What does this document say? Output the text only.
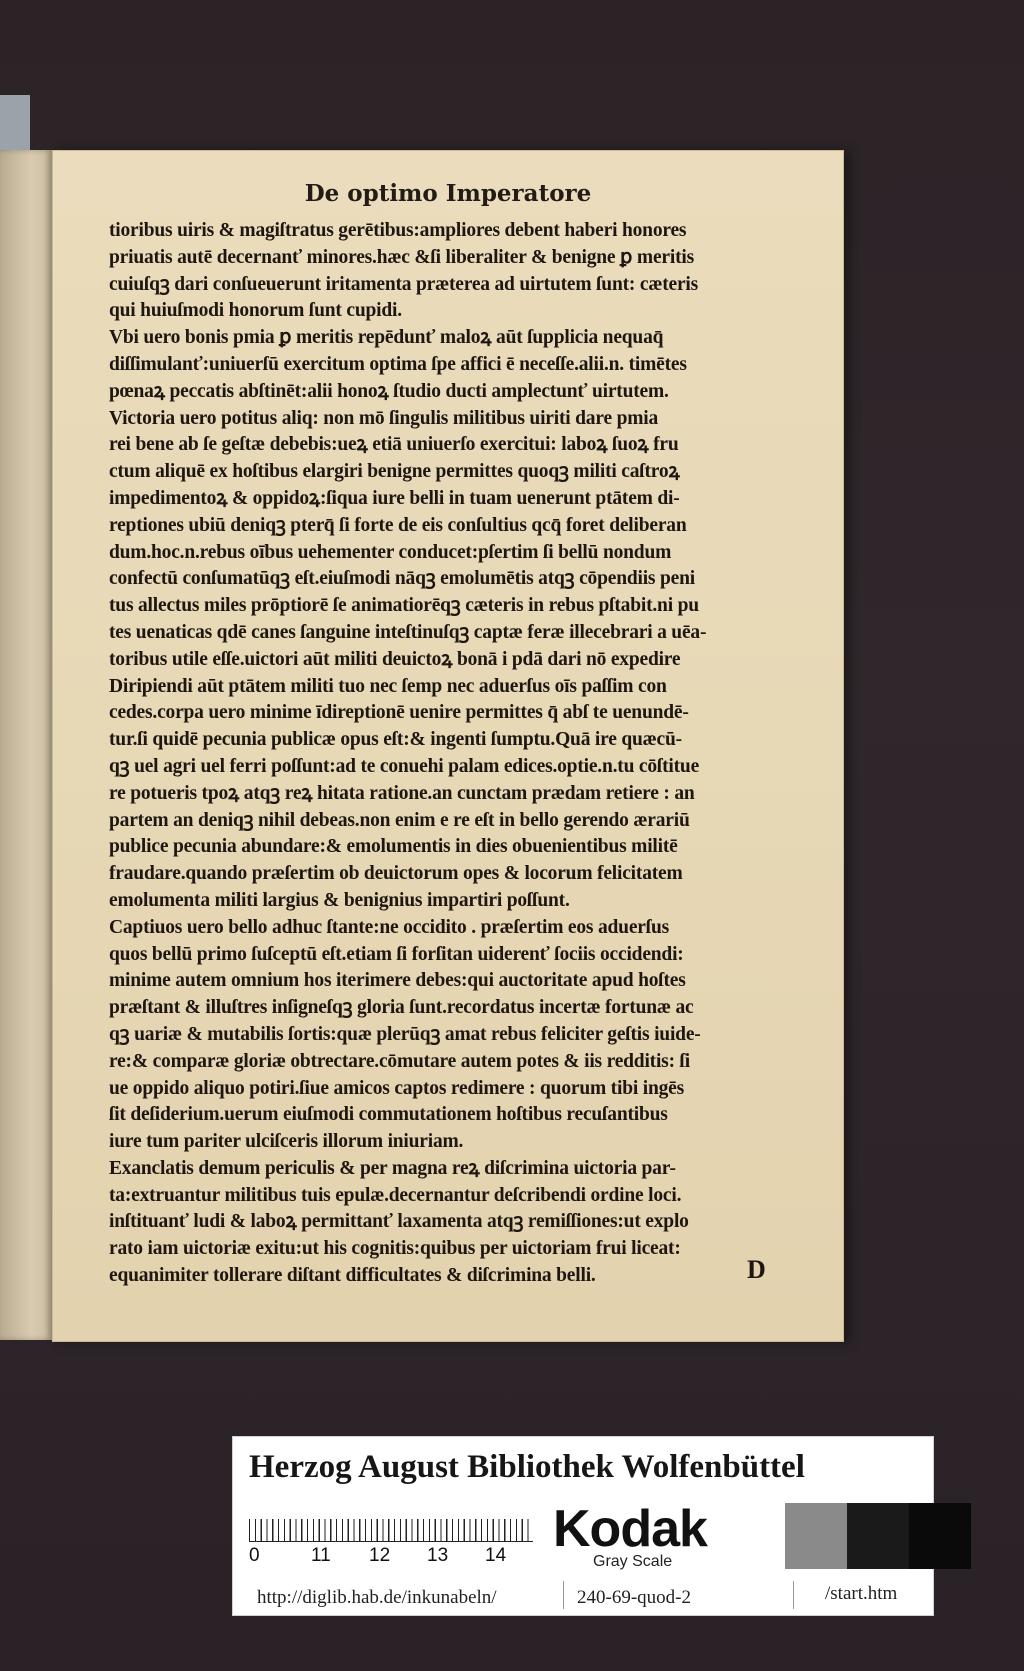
De optimo Imperatore
tioribus uiris & magiſtratus gerētibus:ampliores debent haberi honores
priuatis autē decernanť minores.hæc &ſi liberaliter & benigne ꝑ meritis
cuiuſqꝫ dari conſueuerunt iritamenta præterea ad uirtutem ſunt: cæteris
qui huiuſmodi honorum ſunt cupidi.
Vbi uero bonis pmia ꝑ meritis repēdunť maloꝝ aūt ſupplicia nequaq̄
diſſimulanť:uniuerſū exercitum optima ſpe affici ē neceſſe.alii.n. timētes
pœnaꝝ peccatis abſtinēt:alii honoꝝ ſtudio ducti amplectunť uirtutem.
Victoria uero potitus aliq: non mō ſingulis militibus uiriti dare pmia
rei bene ab ſe geſtæ debebis:ueꝝ etiā uniuerſo exercitui: laboꝝ ſuoꝝ fru
ctum aliquē ex hoſtibus elargiri benigne permittes quoqꝫ militi caſtroꝝ
impedimentoꝝ & oppidoꝝ:ſiqua iure belli in tuam uenerunt ptātem di-
reptiones ubiū deniqꝫ pterq̄ ſi forte de eis conſultius qcq̄ foret deliberan
dum.hoc.n.rebus oībus uehementer conducet:pſertim ſi bellū nondum
confectū conſumatūqꝫ eſt.eiuſmodi nāqꝫ emolumētis atqꝫ cōpendiis peni
tus allectus miles prōptiorē ſe animatiorēqꝫ cæteris in rebus pſtabit.ni pu
tes uenaticas qdē canes ſanguine inteſtinuſqꝫ captæ feræ illecebrari a uēa-
toribus utile eſſe.uictori aūt militi deuictoꝝ bonā i pdā dari nō expedire
Diripiendi aūt ptātem militi tuo nec ſemp nec aduerſus oīs paſſim con
cedes.corpa uero minime īdireptionē uenire permittes q̄ abſ te uenundē-
tur.ſi quidē pecunia publicæ opus eſt:& ingenti ſumptu.Quā ire quæcū-
qꝫ uel agri uel ferri poſſunt:ad te conuehi palam edices.optie.n.tu cōſtitue
re potueris tpoꝝ atqꝫ reꝝ hitata ratione.an cunctam prædam retiere : an
partem an deniqꝫ nihil debeas.non enim e re eſt in bello gerendo ærariū
publice pecunia abundare:& emolumentis in dies obuenientibus militē
fraudare.quando præſertim ob deuictorum opes & locorum felicitatem
emolumenta militi largius & benignius impartiri poſſunt.
Captiuos uero bello adhuc ſtante:ne occidito . præſertim eos aduerſus
quos bellū primo ſuſceptū eſt.etiam ſi forſitan uiderenť ſociis occidendi:
minime autem omnium hos iterimere debes:qui auctoritate apud hoſtes
præſtant & illuſtres inſigneſqꝫ gloria ſunt.recordatus incertæ fortunæ ac
qꝫ uariæ & mutabilis ſortis:quæ plerūqꝫ amat rebus feliciter geſtis iuide-
re:& comparæ gloriæ obtrectare.cōmutare autem potes & iis redditis: ſi
ue oppido aliquo potiri.ſiue amicos captos redimere : quorum tibi ingēs
ſit deſiderium.uerum eiuſmodi commutationem hoſtibus recuſantibus
iure tum pariter ulciſceris illorum iniuriam.
Exanclatis demum periculis & per magna reꝝ diſcrimina uictoria par-
ta:extruantur militibus tuis epulæ.decernantur deſcribendi ordine loci.
inſtituanť ludi & laboꝝ permittanť laxamenta atqꝫ remiſſiones:ut explo
rato iam uictoriæ exitu:ut his cognitis:quibus per uictoriam frui liceat:
equanimiter tollerare diſtant difficultates & diſcrimina belli.	D
Herzog August Bibliothek Wolfenbüttel
0	11 12 13 14 Kodak
Gray Scale
http://diglib.hab.de/inkunabeln/	240-69-quod-2	/start.htm
